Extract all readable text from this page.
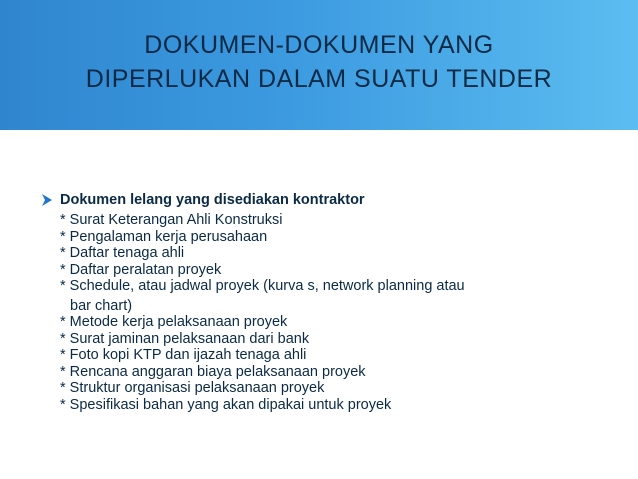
DOKUMEN-DOKUMEN YANG
DIPERLUKAN DALAM SUATU TENDER
Dokumen lelang yang disediakan kontraktor
* Surat Keterangan Ahli Konstruksi
* Pengalaman kerja perusahaan
* Daftar tenaga ahli
* Daftar peralatan proyek
* Schedule, atau jadwal proyek (kurva s, network planning atau
bar chart)
* Metode kerja pelaksanaan proyek
* Surat jaminan pelaksanaan dari bank
* Foto kopi KTP dan ijazah tenaga ahli
* Rencana anggaran biaya pelaksanaan proyek
* Struktur organisasi pelaksanaan proyek
* Spesifikasi bahan yang akan dipakai untuk proyek
